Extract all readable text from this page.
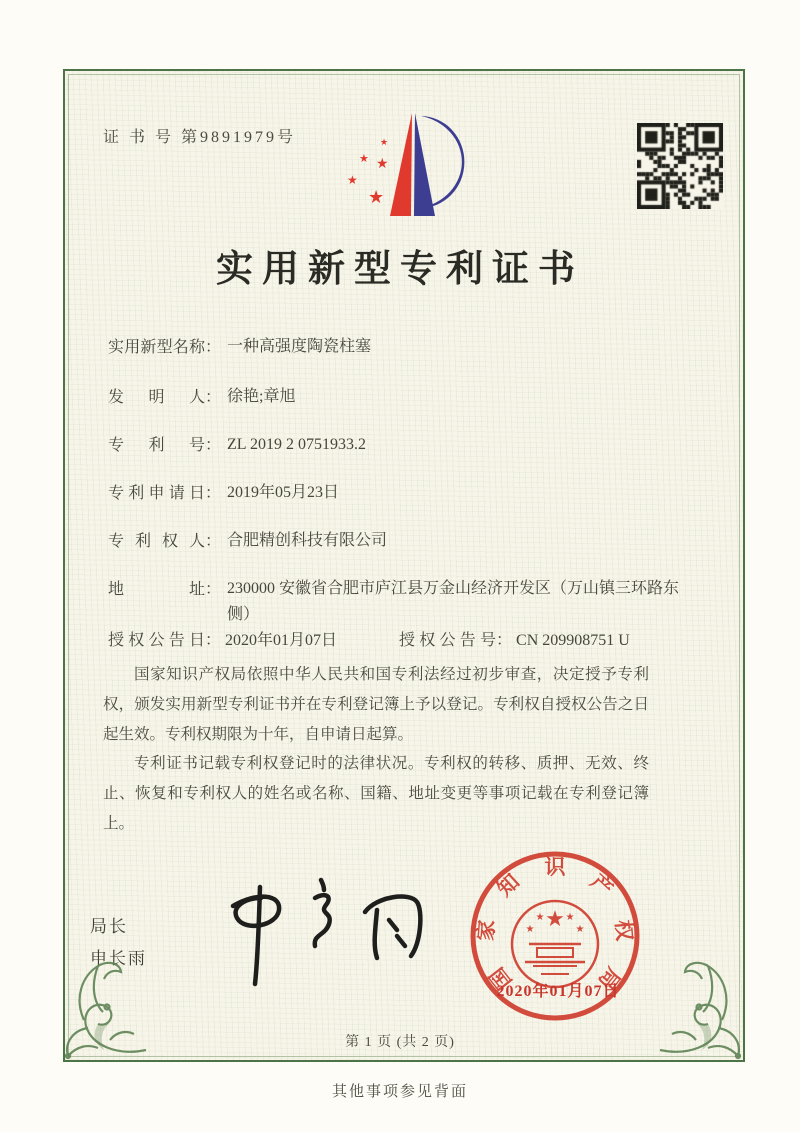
证 书 号 第9891979号	★
★ ★
★
★
实用新型专利证书
实用新型名称： 一种高强度陶瓷柱塞
发明人： 徐艳;章旭
专利号： ZL 2019 2 0751933.2
专利申请日： 2019年05月23日
专利权人： 合肥精创科技有限公司
地址： 230000 安徽省合肥市庐江县万金山经济开发区（万山镇三环路东侧）
授权公告日： 2020年01月07日	授权公告号： CN 209908751 U

国家知识产权局依照中华人民共和国专利法经过初步审查，决定授予专利权，颁发实用新型专利证书并在专利登记簿上予以登记。专利权自授权公告之日起生效。专利权期限为十年，自申请日起算。

专利证书记载专利权登记时的法律状况。专利权的转移、质押、无效、终止、恢复和专利权人的姓名或名称、国籍、地址变更等事项记载在专利登记簿上。

局长
申长雨
国
家
知
识
产
权
局
★
★
★ ★
★
2020年01月07日
第 1 页 (共 2 页)
其他事项参见背面
